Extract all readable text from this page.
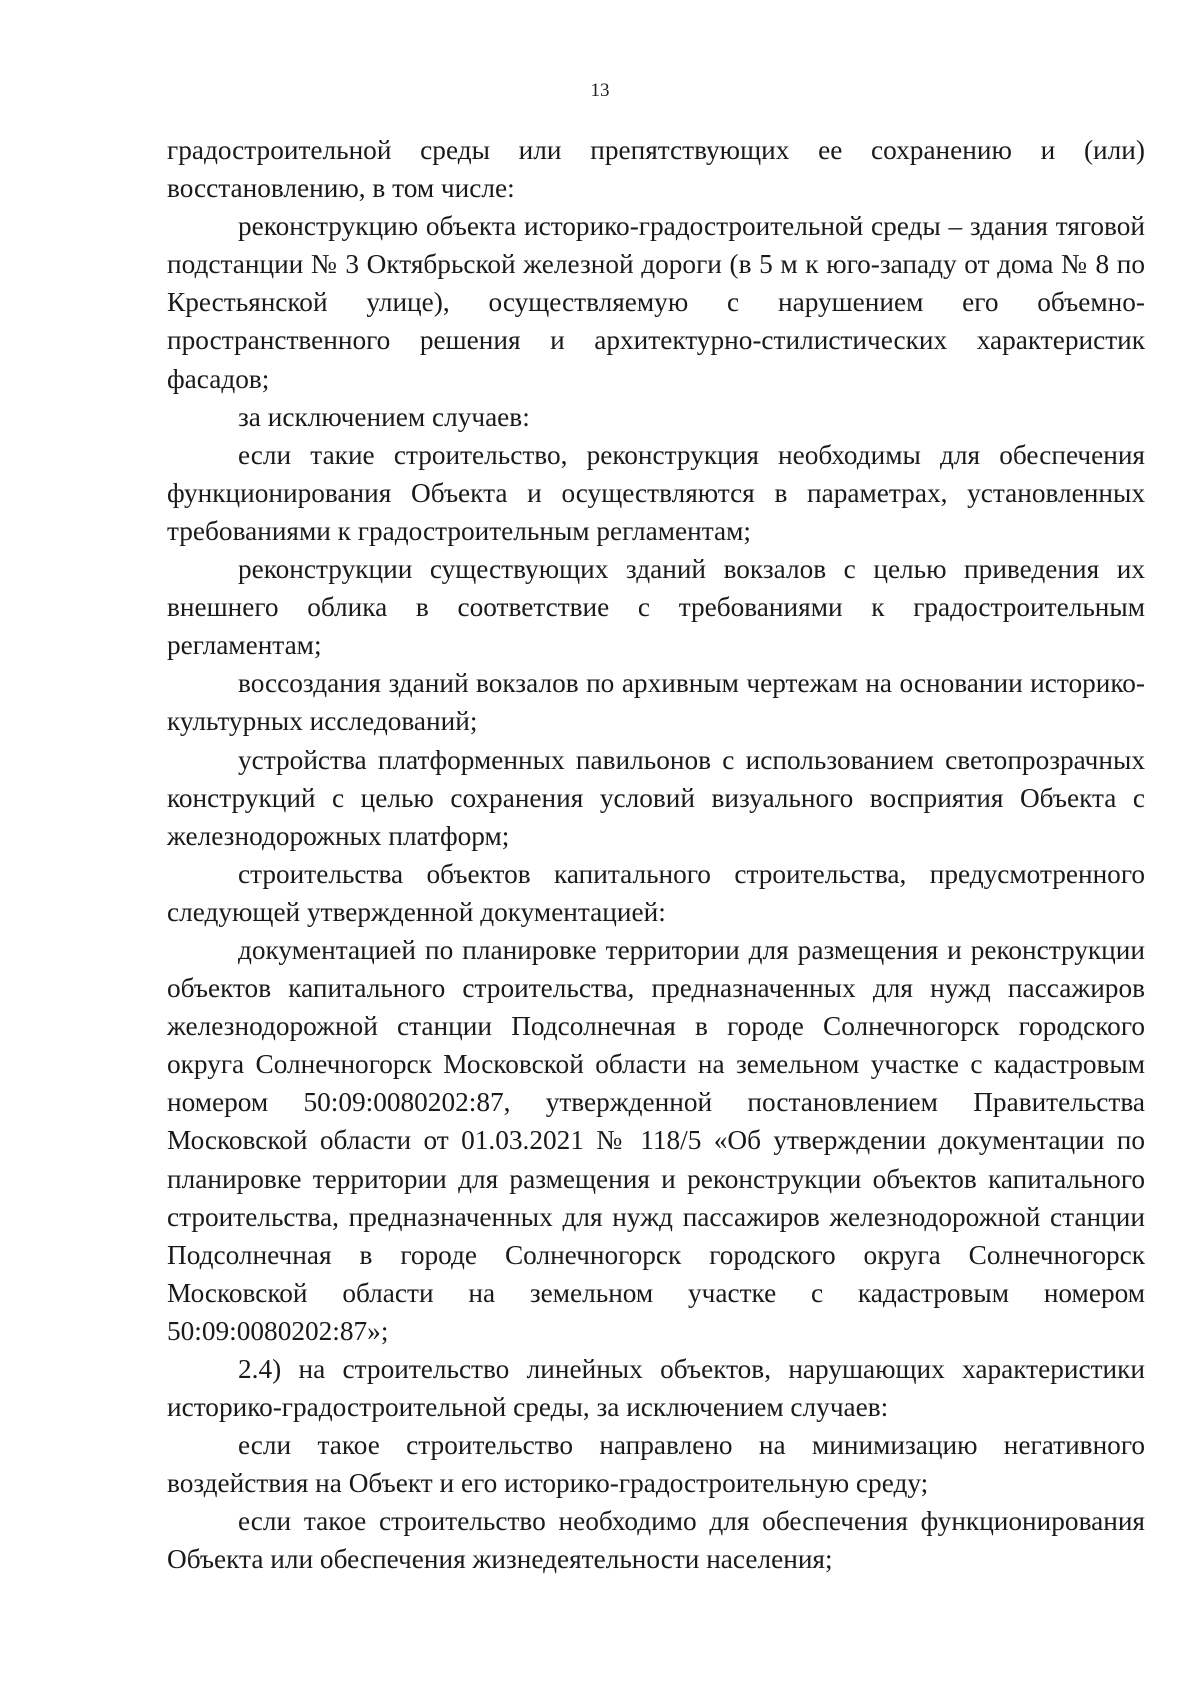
13

градостроительной среды или препятствующих ее сохранению и (или) восстановлению, в том числе:

реконструкцию объекта историко-градостроительной среды – здания тяговой подстанции № 3 Октябрьской железной дороги (в 5 м к юго-западу от дома № 8 по Крестьянской улице), осуществляемую с нарушением его объемно-пространственного решения и архитектурно-стилистических характеристик фасадов;

за исключением случаев:

если такие строительство, реконструкция необходимы для обеспечения функционирования Объекта и осуществляются в параметрах, установленных требованиями к градостроительным регламентам;

реконструкции существующих зданий вокзалов с целью приведения их внешнего облика в соответствие с требованиями к градостроительным регламентам;

воссоздания зданий вокзалов по архивным чертежам на основании историко-культурных исследований;

устройства платформенных павильонов с использованием светопрозрачных конструкций с целью сохранения условий визуального восприятия Объекта с железнодорожных платформ;

строительства объектов капитального строительства, предусмотренного следующей утвержденной документацией:

документацией по планировке территории для размещения и реконструкции объектов капитального строительства, предназначенных для нужд пассажиров железнодорожной станции Подсолнечная в городе Солнечногорск городского округа Солнечногорск Московской области на земельном участке с кадастровым номером 50:09:0080202:87, утвержденной постановлением Правительства Московской области от 01.03.2021 № 118/5 «Об утверждении документации по планировке территории для размещения и реконструкции объектов капитального строительства, предназначенных для нужд пассажиров железнодорожной станции Подсолнечная в городе Солнечногорск городского округа Солнечногорск Московской области на земельном участке с кадастровым номером 50:09:0080202:87»;

2.4) на строительство линейных объектов, нарушающих характеристики историко-градостроительной среды, за исключением случаев:

если такое строительство направлено на минимизацию негативного воздействия на Объект и его историко-градостроительную среду;

если такое строительство необходимо для обеспечения функционирования Объекта или обеспечения жизнедеятельности населения;
